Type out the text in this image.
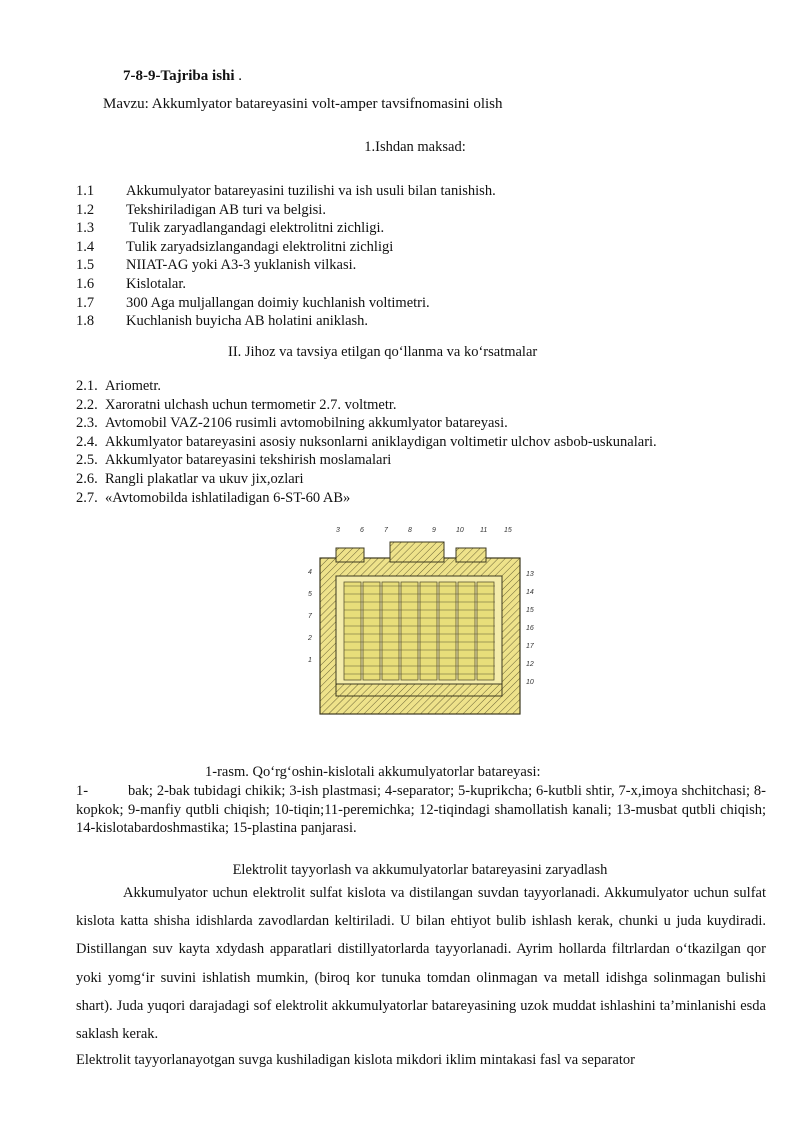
7-8-9-Tajriba ishi .
Mavzu: Akkumlyator batareyasini volt-amper tavsifnomasini olish
1.Ishdan maksad:
1.1 Akkumulyator batareyasini tuzilishi va ish usuli bilan tanishish.
1.2 Tekshiriladigan AB turi va belgisi.
1.3 Tulik zaryadlangandagi elektrolitni zichligi.
1.4 Tulik zaryadsizlangandagi elektrolitni zichligi
1.5 NIIAT-AG yoki A3-3 yuklanish vilkasi.
1.6 Kislotalar.
1.7 300 Aga muljallangan doimiy kuchlanish voltimetri.
1.8 Kuchlanish buyicha AB holatini aniklash.
II. Jihoz va tavsiya etilgan qo‘llanma va ko‘rsatmalar
2.1. Ariometr.
2.2. Xaroratni ulchash uchun termometir 2.7. voltmetr.
2.3. Avtomobil VAZ-2106 rusimli avtomobilning akkumlyator batareyasi.
2.4. Akkumlyator batareyasini asosiy nuksonlarni aniklaydigan voltimetir ulchov asbob-uskunalari.
2.5. Akkumlyator batareyasini tekshirish moslamalari
2.6. Rangli plakatlar va ukuv jix,ozlari
2.7. «Avtomobilda ishlatiladigan 6-ST-60 AB»
3	6	7	8	9	10 11 15
4
5
7
2
1
13
14
15
16
17
12
10
1-rasm. Qo‘rg‘oshin-kislotali akkumulyatorlar batareyasi:
1-	bak; 2-bak tubidagi chikik; 3-ish plastmasi; 4-separator; 5-kuprikcha; 6-kutbli shtir, 7-x,imoya shchitchasi; 8-kopkok; 9-manfiy qutbli chiqish; 10-tiqin;11-peremichka; 12-tiqindagi shamollatish kanali; 13-musbat qutbli chiqish; 14-kislotabardoshmastika; 15-plastina panjarasi.
Elektrolit tayyorlash va akkumulyatorlar batareyasini zaryadlash
Akkumulyator uchun elektrolit sulfat kislota va distilangan suvdan tayyorlanadi. Akkumulyator uchun sulfat kislota katta shisha idishlarda zavodlardan keltiriladi. U bilan ehtiyot bulib ishlash kerak, chunki u juda kuydiradi. Distillangan suv kayta xdydash apparatlari distillyatorlarda tayyorlanadi. Ayrim hollarda filtrlardan o‘tkazilgan qor yoki yomg‘ir suvini ishlatish mumkin, (biroq kor tunuka tomdan olinmagan va metall idishga solinmagan bulishi shart). Juda yuqori darajadagi sof elektrolit akkumulyatorlar batareyasining uzok muddat ishlashini ta’minlanishi esda saklash kerak.
Elektrolit tayyorlanayotgan suvga kushiladigan kislota mikdori iklim mintakasi fasl va separator
